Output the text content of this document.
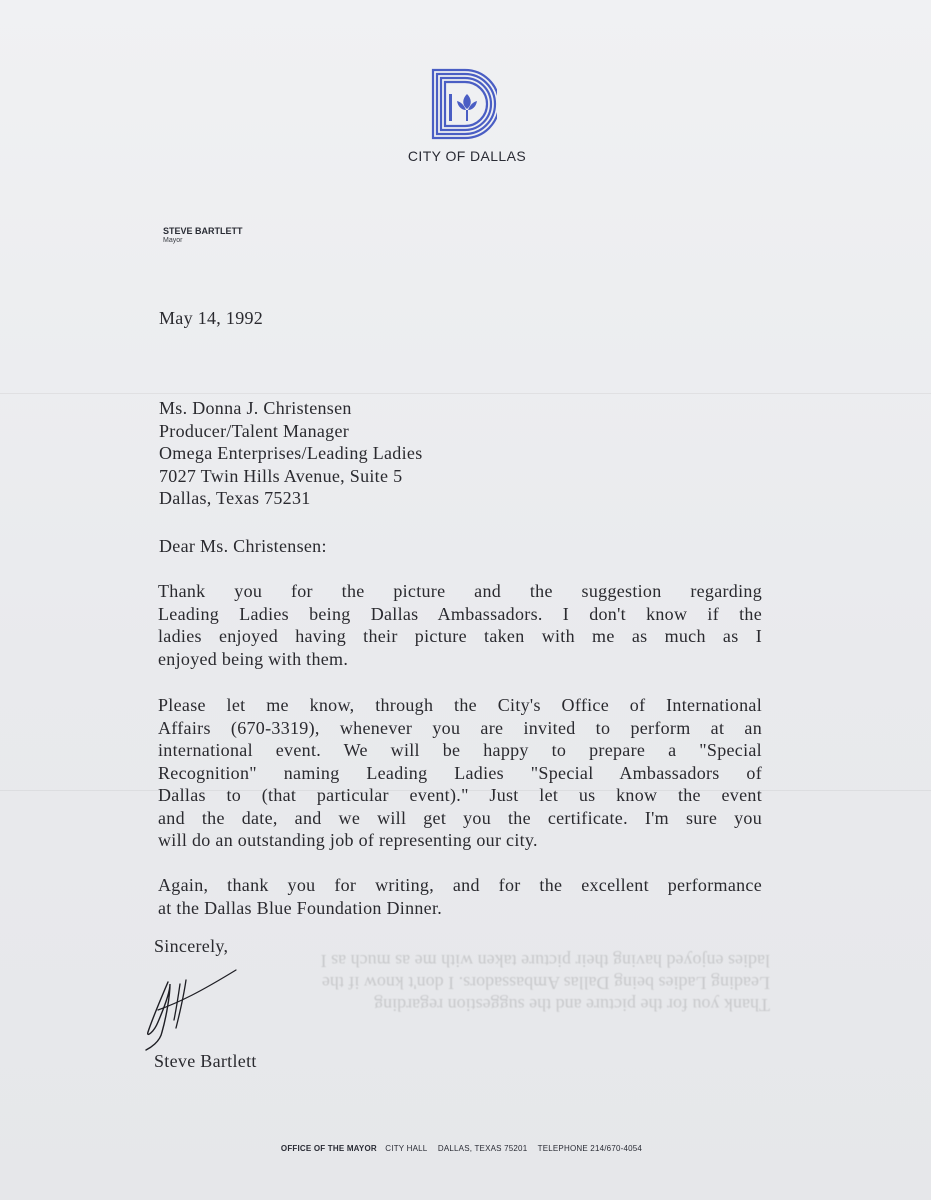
CITY OF DALLAS
STEVE BARTLETT
Mayor
May 14, 1992
Ms. Donna J. Christensen
Producer/Talent Manager
Omega Enterprises/Leading Ladies
7027 Twin Hills Avenue, Suite 5
Dallas, Texas 75231
Dear Ms. Christensen:
Thank you for the picture and the suggestion regarding
Leading Ladies being Dallas Ambassadors. I don't know if the
ladies enjoyed having their picture taken with me as much as I
enjoyed being with them.
Please let me know, through the City's Office of International
Affairs (670-3319), whenever you are invited to perform at an
international event. We will be happy to prepare a "Special
Recognition" naming Leading Ladies "Special Ambassadors of
Dallas to (that particular event)." Just let us know the event
and the date, and we will get you the certificate. I'm sure you
will do an outstanding job of representing our city.
Again, thank you for writing, and for the excellent performance
at the Dallas Blue Foundation Dinner.
Sincerely,
Thank you for the picture and the suggestion regarding
Leading Ladies being Dallas Ambassadors. I don't know if the
ladies enjoyed having their picture taken with me as much as I
Steve Bartlett
OFFICE OF THE MAYOR CITY HALL DALLAS, TEXAS 75201 TELEPHONE 214/670-4054
